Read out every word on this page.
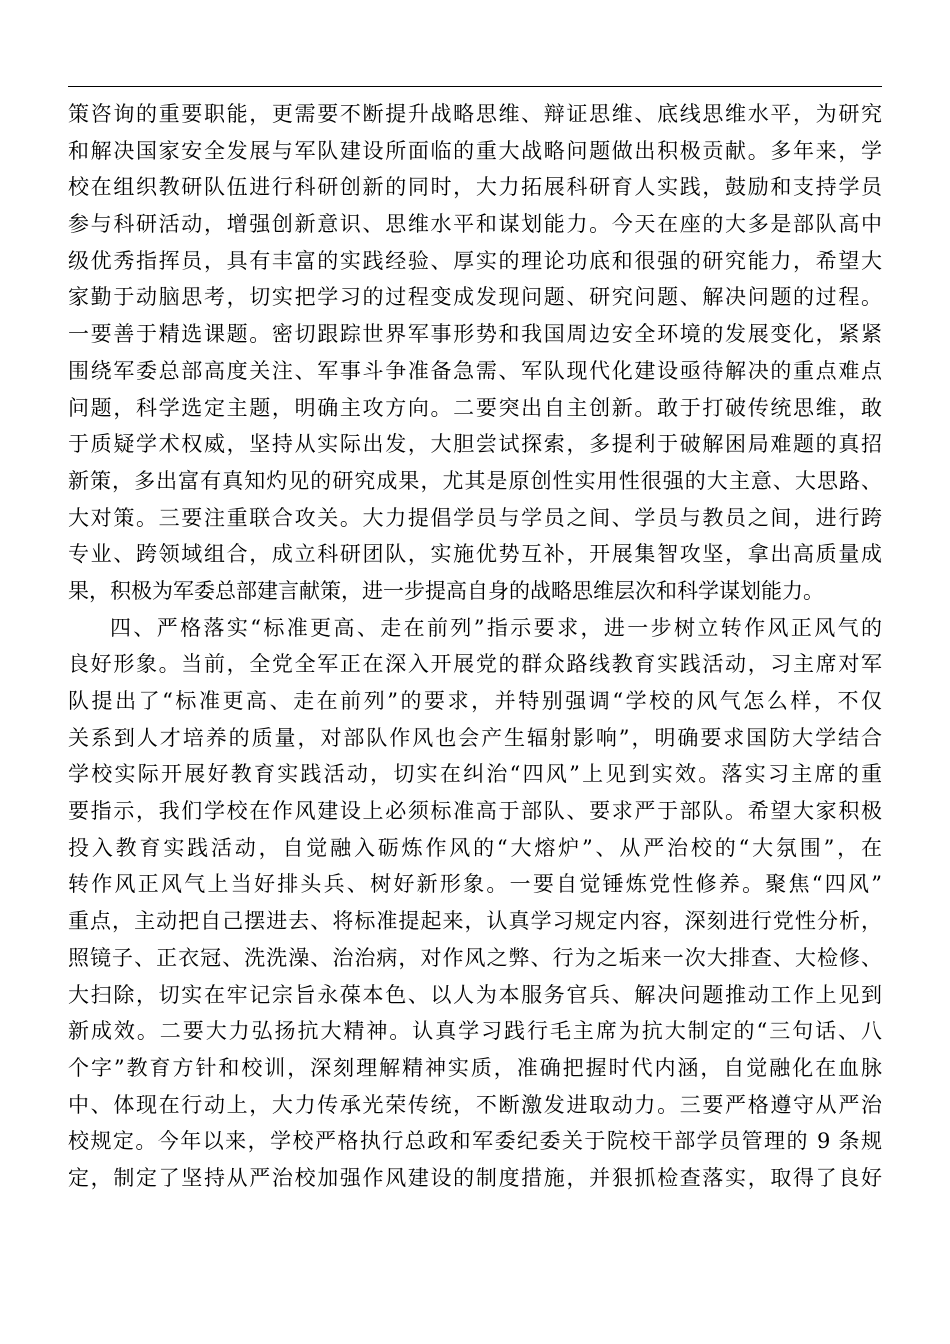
策咨询的重要职能，更需要不断提升战略思维、辩证思维、底线思维水平，为研究
和解决国家安全发展与军队建设所面临的重大战略问题做出积极贡献。多年来，学
校在组织教研队伍进行科研创新的同时，大力拓展科研育人实践，鼓励和支持学员
参与科研活动，增强创新意识、思维水平和谋划能力。今天在座的大多是部队高中
级优秀指挥员，具有丰富的实践经验、厚实的理论功底和很强的研究能力，希望大
家勤于动脑思考，切实把学习的过程变成发现问题、研究问题、解决问题的过程。
一要善于精选课题。密切跟踪世界军事形势和我国周边安全环境的发展变化，紧紧
围绕军委总部高度关注、军事斗争准备急需、军队现代化建设亟待解决的重点难点
问题，科学选定主题，明确主攻方向。二要突出自主创新。敢于打破传统思维，敢
于质疑学术权威，坚持从实际出发，大胆尝试探索，多提利于破解困局难题的真招
新策，多出富有真知灼见的研究成果，尤其是原创性实用性很强的大主意、大思路、
大对策。三要注重联合攻关。大力提倡学员与学员之间、学员与教员之间，进行跨
专业、跨领域组合，成立科研团队，实施优势互补，开展集智攻坚，拿出高质量成
果，积极为军委总部建言献策，进一步提高自身的战略思维层次和科学谋划能力。
四、严格落实“标准更高、走在前列”指示要求，进一步树立转作风正风气的
良好形象。当前，全党全军正在深入开展党的群众路线教育实践活动，习主席对军
队提出了“标准更高、走在前列”的要求，并特别强调“学校的风气怎么样，不仅
关系到人才培养的质量，对部队作风也会产生辐射影响”，明确要求国防大学结合
学校实际开展好教育实践活动，切实在纠治“四风”上见到实效。落实习主席的重
要指示，我们学校在作风建设上必须标准高于部队、要求严于部队。希望大家积极
投入教育实践活动，自觉融入砺炼作风的“大熔炉”、从严治校的“大氛围”，在
转作风正风气上当好排头兵、树好新形象。一要自觉锤炼党性修养。聚焦“四风”
重点，主动把自己摆进去、将标准提起来，认真学习规定内容，深刻进行党性分析，
照镜子、正衣冠、洗洗澡、治治病，对作风之弊、行为之垢来一次大排查、大检修、
大扫除，切实在牢记宗旨永葆本色、以人为本服务官兵、解决问题推动工作上见到
新成效。二要大力弘扬抗大精神。认真学习践行毛主席为抗大制定的“三句话、八
个字”教育方针和校训，深刻理解精神实质，准确把握时代内涵，自觉融化在血脉
中、体现在行动上，大力传承光荣传统，不断激发进取动力。三要严格遵守从严治
校规定。今年以来，学校严格执行总政和军委纪委关于院校干部学员管理的 9 条规
定，制定了坚持从严治校加强作风建设的制度措施，并狠抓检查落实，取得了良好
